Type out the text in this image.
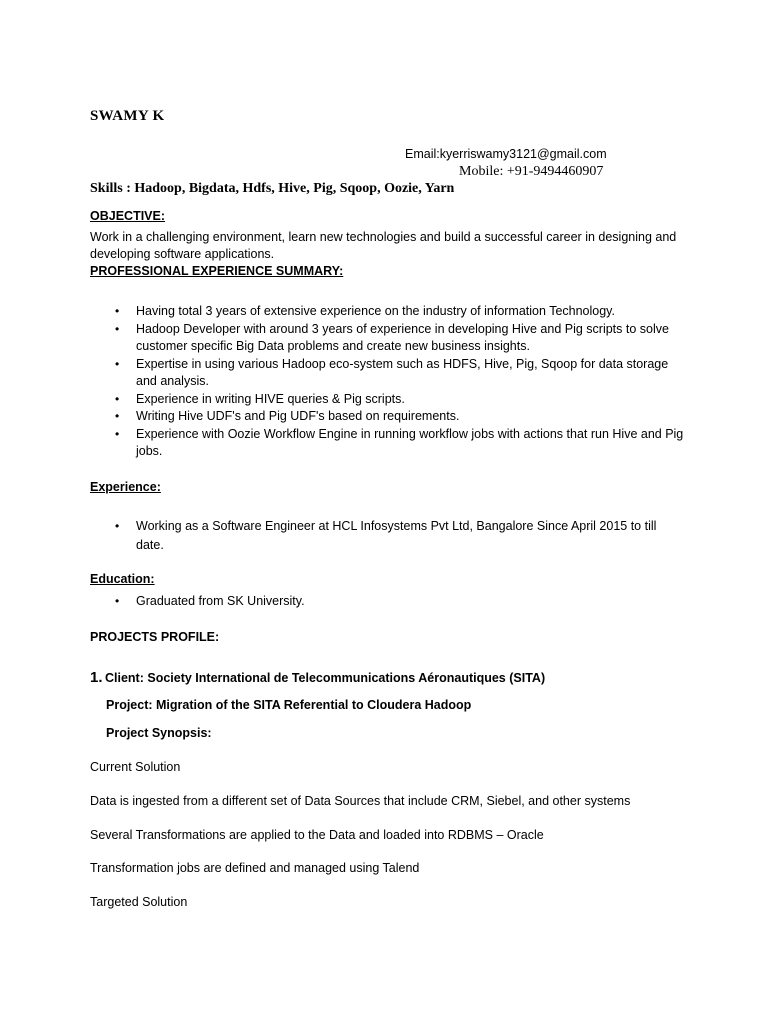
SWAMY K
Email:kyerriswamy3121@gmail.com
Mobile: +91-9494460907
Skills : Hadoop, Bigdata, Hdfs, Hive, Pig, Sqoop, Oozie, Yarn
OBJECTIVE:
Work in a challenging environment, learn new technologies and build a successful career in designing and developing software applications.
PROFESSIONAL EXPERIENCE SUMMARY:
• Having total 3 years of extensive experience on the industry of information Technology.
• Hadoop Developer with around 3 years of experience in developing Hive and Pig scripts to solve customer specific Big Data problems and create new business insights.
• Expertise in using various Hadoop eco-system such as HDFS, Hive, Pig, Sqoop for data storage and analysis.
• Experience in writing HIVE queries & Pig scripts.
• Writing Hive UDF's and Pig UDF's based on requirements.
• Experience with Oozie Workflow Engine in running workflow jobs with actions that run Hive and Pig jobs.
Experience:
• Working as a Software Engineer at HCL Infosystems Pvt Ltd, Bangalore Since April 2015 to till date.
Education:
• Graduated from SK University.
PROJECTS PROFILE:
1. Client: Society International de Telecommunications Aéronautiques (SITA)
Project: Migration of the SITA Referential to Cloudera Hadoop
Project Synopsis:
Current Solution
Data is ingested from a different set of Data Sources that include CRM, Siebel, and other systems
Several Transformations are applied to the Data and loaded into RDBMS – Oracle
Transformation jobs are defined and managed using Talend
Targeted Solution
